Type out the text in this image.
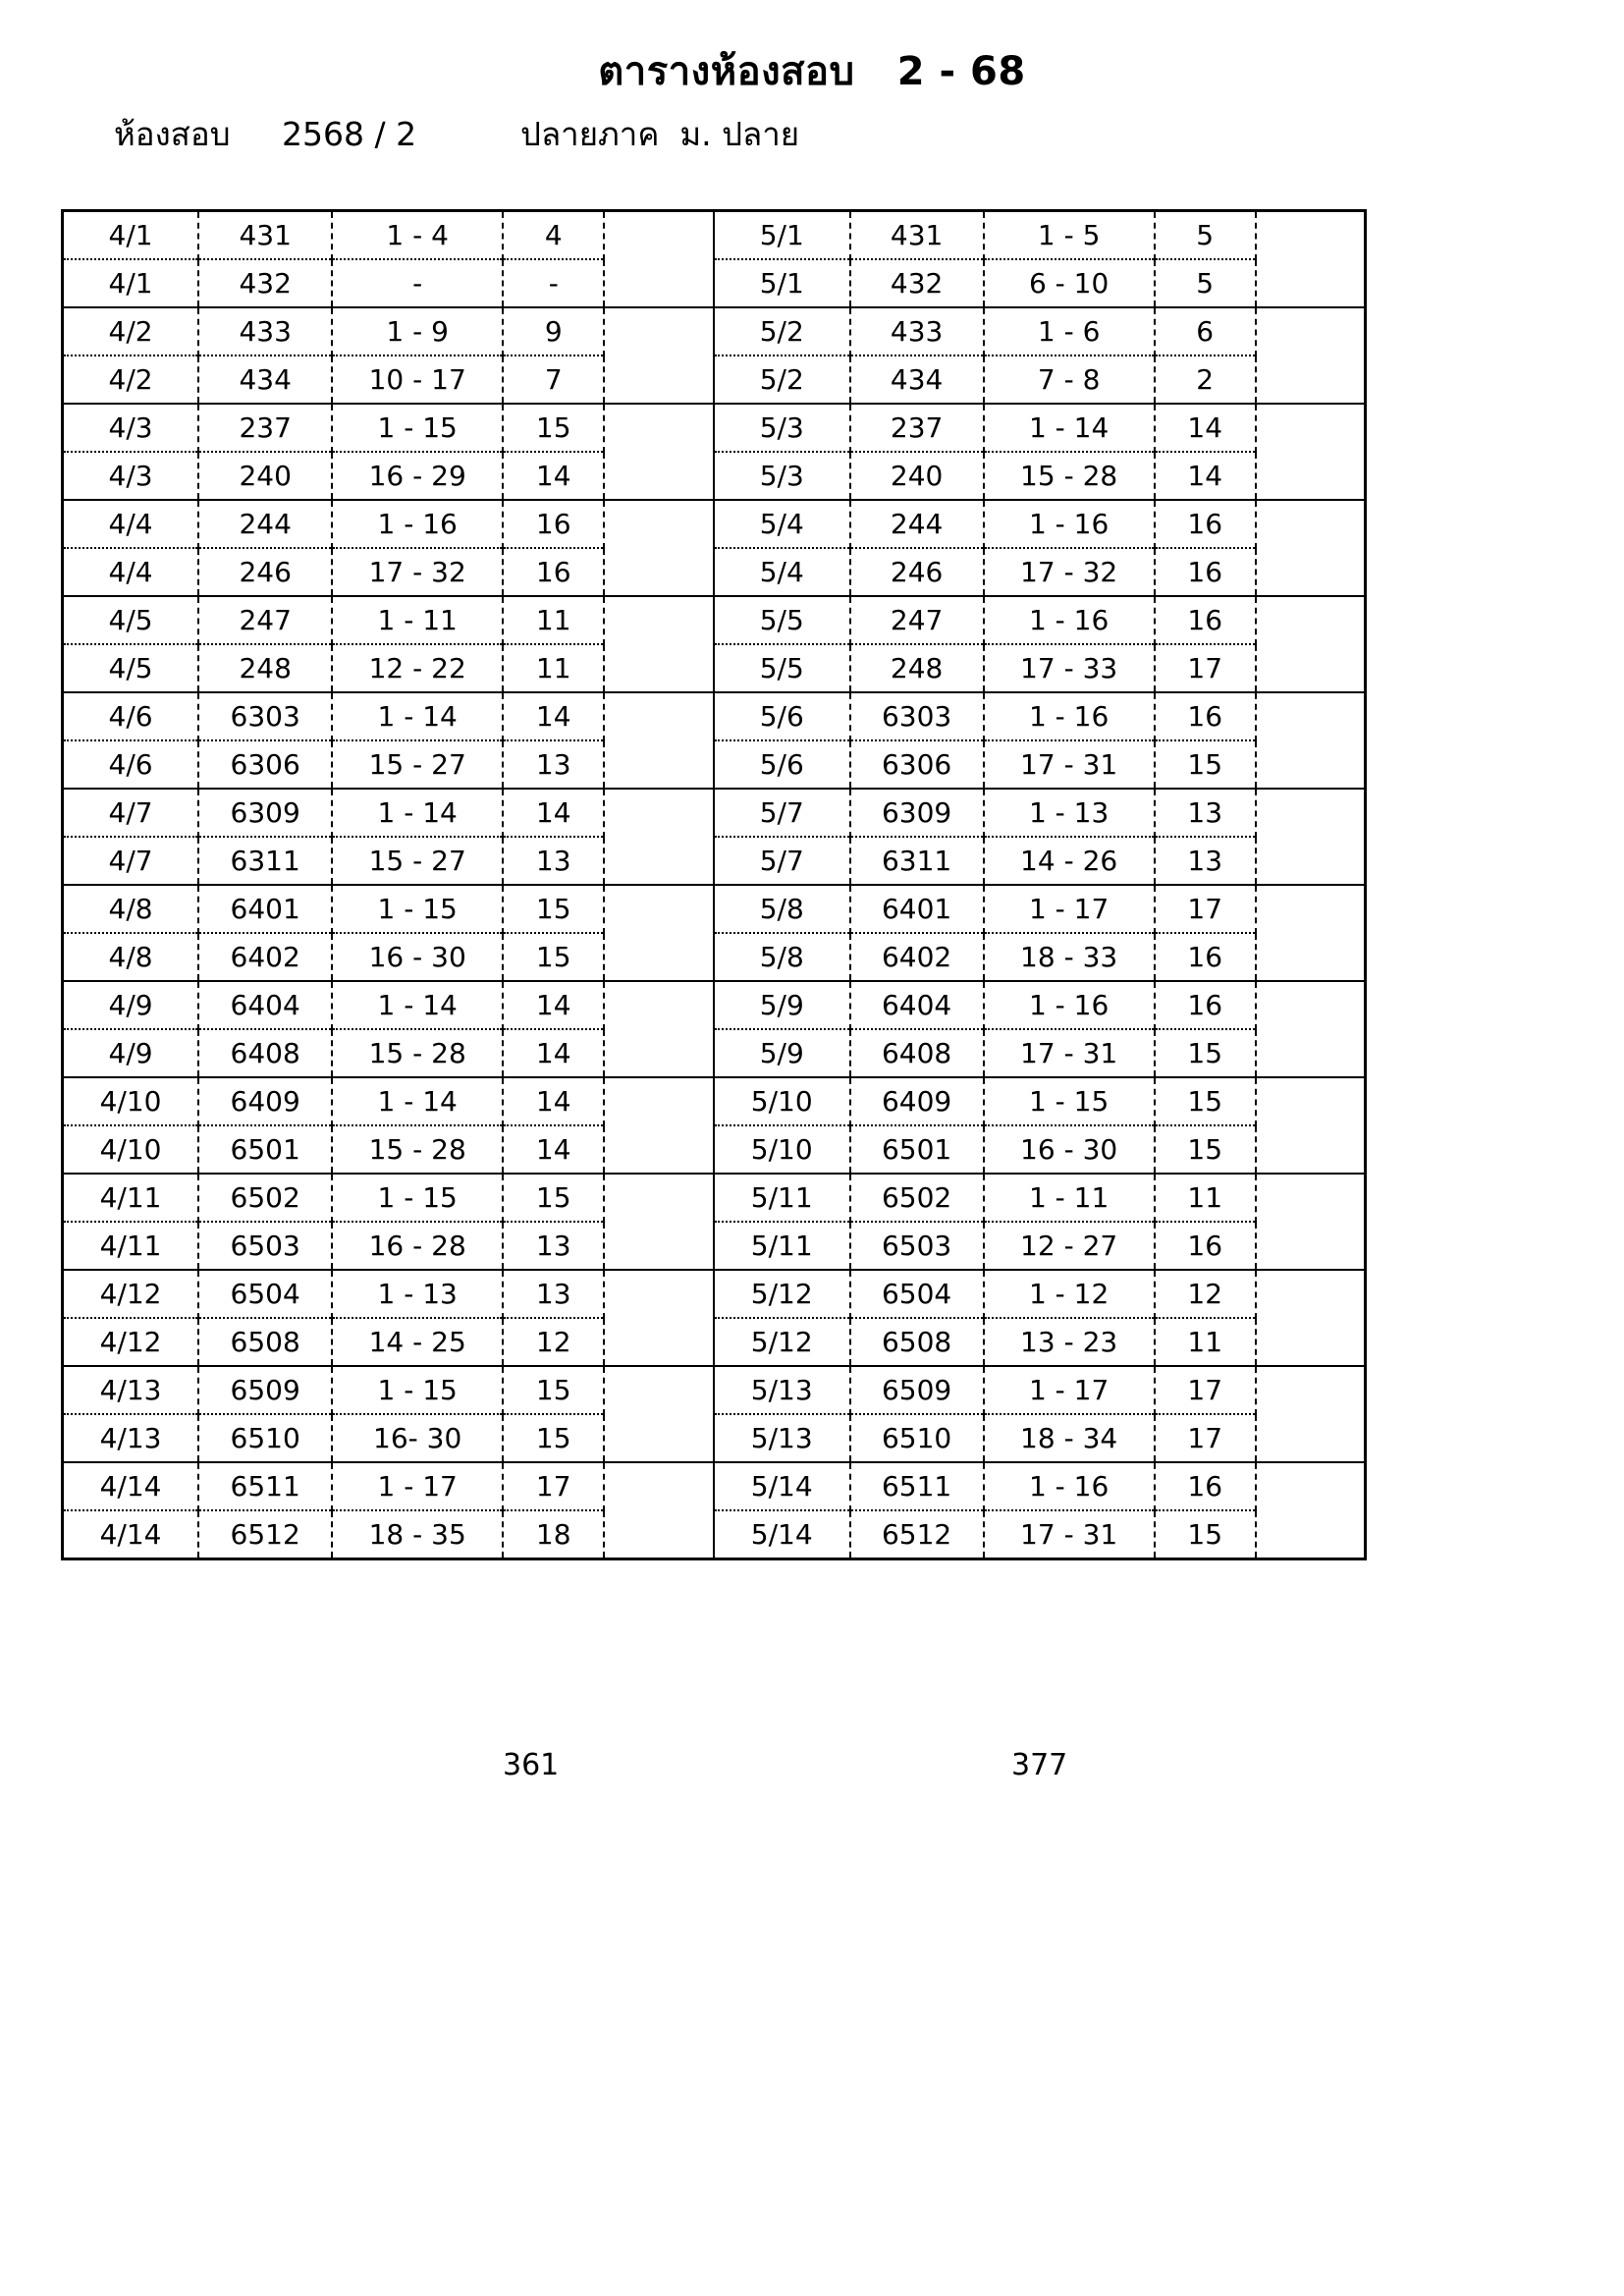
ตารางห้องสอบ   2 - 68
ห้องสอบ     2568 / 2	ปลายภาค  ม. ปลาย
4/1	431	1 - 4	4		5/1	431	1 - 5	5	
4/1	432	-	-		5/1	432	6 - 10	5	
4/2	433	1 - 9	9		5/2	433	1 - 6	6	
4/2	434	10 - 17	7		5/2	434	7 - 8	2	
4/3	237	1 - 15	15		5/3	237	1 - 14	14	
4/3	240	16 - 29	14		5/3	240	15 - 28	14	
4/4	244	1 - 16	16		5/4	244	1 - 16	16	
4/4	246	17 - 32	16		5/4	246	17 - 32	16	
4/5	247	1 - 11	11		5/5	247	1 - 16	16	
4/5	248	12 - 22	11		5/5	248	17 - 33	17	
4/6	6303	1 - 14	14		5/6	6303	1 - 16	16	
4/6	6306	15 - 27	13		5/6	6306	17 - 31	15	
4/7	6309	1 - 14	14		5/7	6309	1 - 13	13	
4/7	6311	15 - 27	13		5/7	6311	14 - 26	13	
4/8	6401	1 - 15	15		5/8	6401	1 - 17	17	
4/8	6402	16 - 30	15		5/8	6402	18 - 33	16	
4/9	6404	1 - 14	14		5/9	6404	1 - 16	16	
4/9	6408	15 - 28	14		5/9	6408	17 - 31	15	
4/10	6409	1 - 14	14		5/10	6409	1 - 15	15	
4/10	6501	15 - 28	14		5/10	6501	16 - 30	15	
4/11	6502	1 - 15	15		5/11	6502	1 - 11	11	
4/11	6503	16 - 28	13		5/11	6503	12 - 27	16	
4/12	6504	1 - 13	13		5/12	6504	1 - 12	12	
4/12	6508	14 - 25	12		5/12	6508	13 - 23	11	
4/13	6509	1 - 15	15		5/13	6509	1 - 17	17	
4/13	6510	16- 30	15		5/13	6510	18 - 34	17	
4/14	6511	1 - 17	17		5/14	6511	1 - 16	16	
4/14	6512	18 - 35	18		5/14	6512	17 - 31	15	
361	377
